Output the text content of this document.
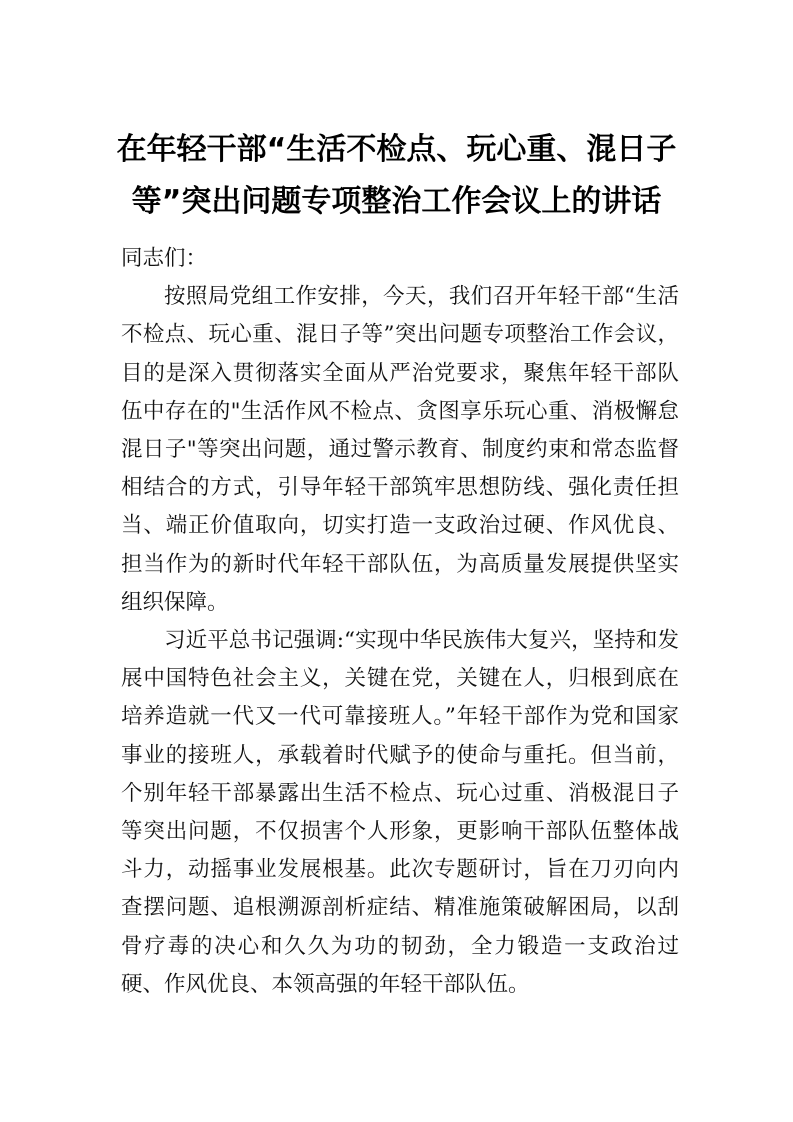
在年轻干部“生活不检点、玩心重、混日子等”突出问题专项整治工作会议上的讲话

同志们：

按照局党组工作安排，今天，我们召开年轻干部“生活不检点、玩心重、混日子等”突出问题专项整治工作会议，目的是深入贯彻落实全面从严治党要求，聚焦年轻干部队伍中存在的"生活作风不检点、贪图享乐玩心重、消极懈怠混日子"等突出问题，通过警示教育、制度约束和常态监督相结合的方式，引导年轻干部筑牢思想防线、强化责任担当、端正价值取向，切实打造一支政治过硬、作风优良、担当作为的新时代年轻干部队伍，为高质量发展提供坚实组织保障。

习近平总书记强调:“实现中华民族伟大复兴，坚持和发展中国特色社会主义，关键在党，关键在人，归根到底在培养造就一代又一代可靠接班人。”年轻干部作为党和国家事业的接班人，承载着时代赋予的使命与重托。但当前，个别年轻干部暴露出生活不检点、玩心过重、消极混日子等突出问题，不仅损害个人形象，更影响干部队伍整体战斗力，动摇事业发展根基。此次专题研讨，旨在刀刃向内查摆问题、追根溯源剖析症结、精准施策破解困局，以刮骨疗毒的决心和久久为功的韧劲，全力锻造一支政治过硬、作风优良、本领高强的年轻干部队伍。
